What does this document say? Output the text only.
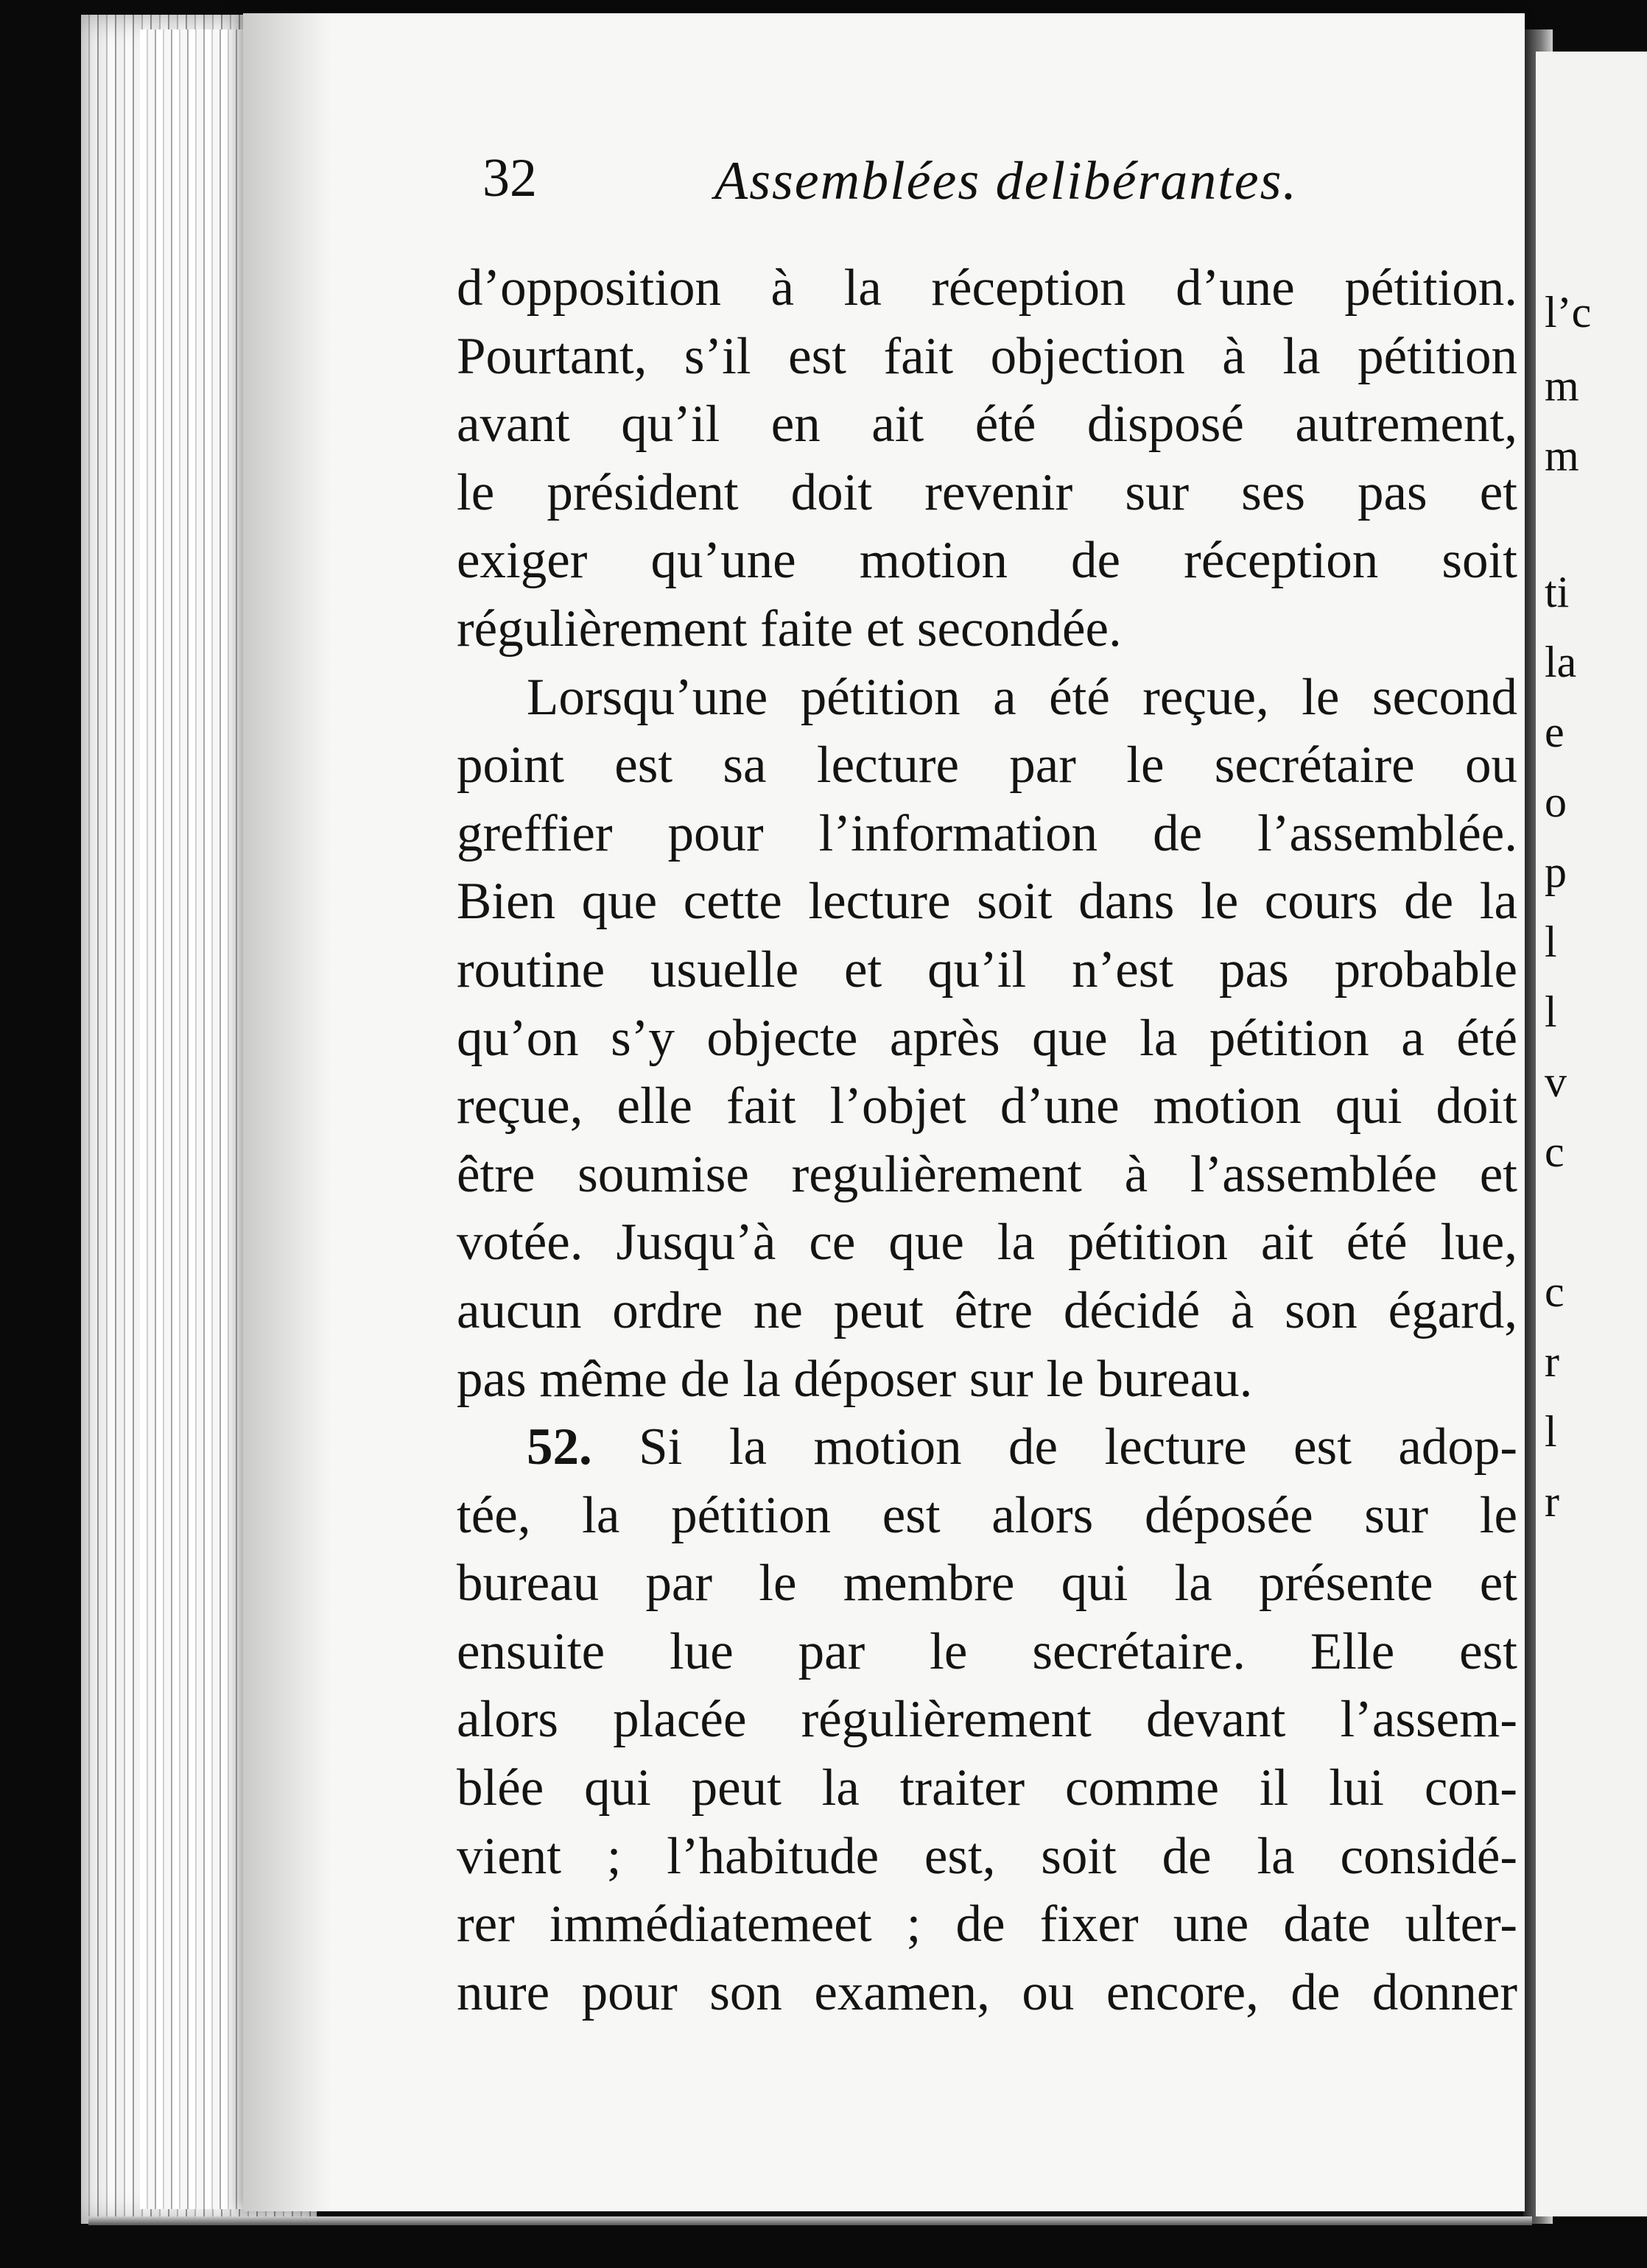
l’c
m
m
ti
la
e
o
p
l
l
v
c
c
r
l
r
32	Assemblées delibérantes.
d’opposition à la réception d’une pétition.
Pourtant, s’il est fait objection à la pétition
avant qu’il en ait été disposé autrement,
le président doit revenir sur ses pas et
exiger qu’une motion de réception soit
régulièrement faite et secondée.
Lorsqu’une pétition a été reçue, le second
point est sa lecture par le secrétaire ou
greffier pour l’information de l’assemblée.
Bien que cette lecture soit dans le cours de la
routine usuelle et qu’il n’est pas probable
qu’on s’y objecte après que la pétition a été
reçue, elle fait l’objet d’une motion qui doit
être soumise regulièrement à l’assemblée et
votée. Jusqu’à ce que la pétition ait été lue,
aucun ordre ne peut être décidé à son égard,
pas même de la déposer sur le bureau.
52. Si la motion de lecture est adop-
tée, la pétition est alors déposée sur le
bureau par le membre qui la présente et
ensuite lue par le secrétaire. Elle est
alors placée régulièrement devant l’assem-
blée qui peut la traiter comme il lui con-
vient ; l’habitude est, soit de la considé-
rer immédiatemeet ; de fixer une date ulter-
nure pour son examen, ou encore, de donner
